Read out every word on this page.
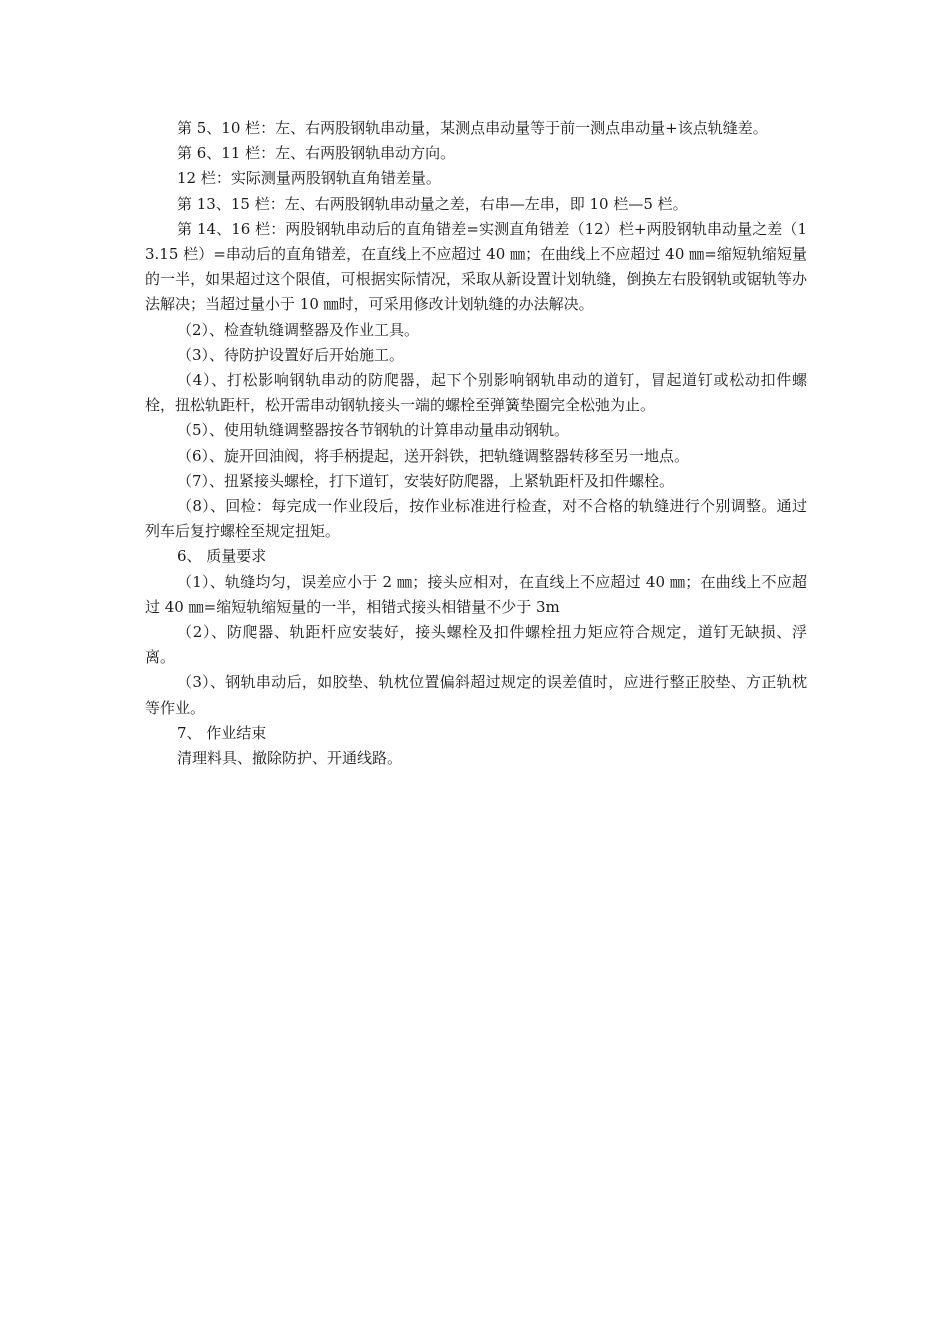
第 5、10 栏：左、右两股钢轨串动量，某测点串动量等于前一测点串动量+该点轨缝差。

第 6、11 栏：左、右两股钢轨串动方向。

12 栏：实际测量两股钢轨直角错差量。

第 13、15 栏：左、右两股钢轨串动量之差，右串—左串，即 10 栏—5 栏。

第 14、16 栏：两股钢轨串动后的直角错差=实测直角错差（12）栏+两股钢轨串动量之差（13.15 栏）=串动后的直角错差，在直线上不应超过 40 ㎜；在曲线上不应超过 40 ㎜=缩短轨缩短量的一半，如果超过这个限值，可根据实际情况，采取从新设置计划轨缝，倒换左右股钢轨或锯轨等办法解决；当超过量小于 10 ㎜时，可采用修改计划轨缝的办法解决。

（2）、检查轨缝调整器及作业工具。

（3）、待防护设置好后开始施工。

（4）、打松影响钢轨串动的防爬器，起下个别影响钢轨串动的道钉，冒起道钉或松动扣件螺栓，扭松轨距杆，松开需串动钢轨接头一端的螺栓至弹簧垫圈完全松弛为止。

（5）、使用轨缝调整器按各节钢轨的计算串动量串动钢轨。

（6）、旋开回油阀，将手柄提起，送开斜铁，把轨缝调整器转移至另一地点。

（7）、扭紧接头螺栓，打下道钉，安装好防爬器，上紧轨距杆及扣件螺栓。

（8）、回检：每完成一作业段后，按作业标准进行检查，对不合格的轨缝进行个别调整。通过列车后复拧螺栓至规定扭矩。

6、 质量要求

（1）、轨缝均匀，误差应小于 2 ㎜；接头应相对，在直线上不应超过 40 ㎜；在曲线上不应超过 40 ㎜=缩短轨缩短量的一半，相错式接头相错量不少于 3m

（2）、防爬器、轨距杆应安装好，接头螺栓及扣件螺栓扭力矩应符合规定，道钉无缺损、浮离。

（3）、钢轨串动后，如胶垫、轨枕位置偏斜超过规定的误差值时，应进行整正胶垫、方正轨枕等作业。

7、 作业结束

清理料具、撤除防护、开通线路。
